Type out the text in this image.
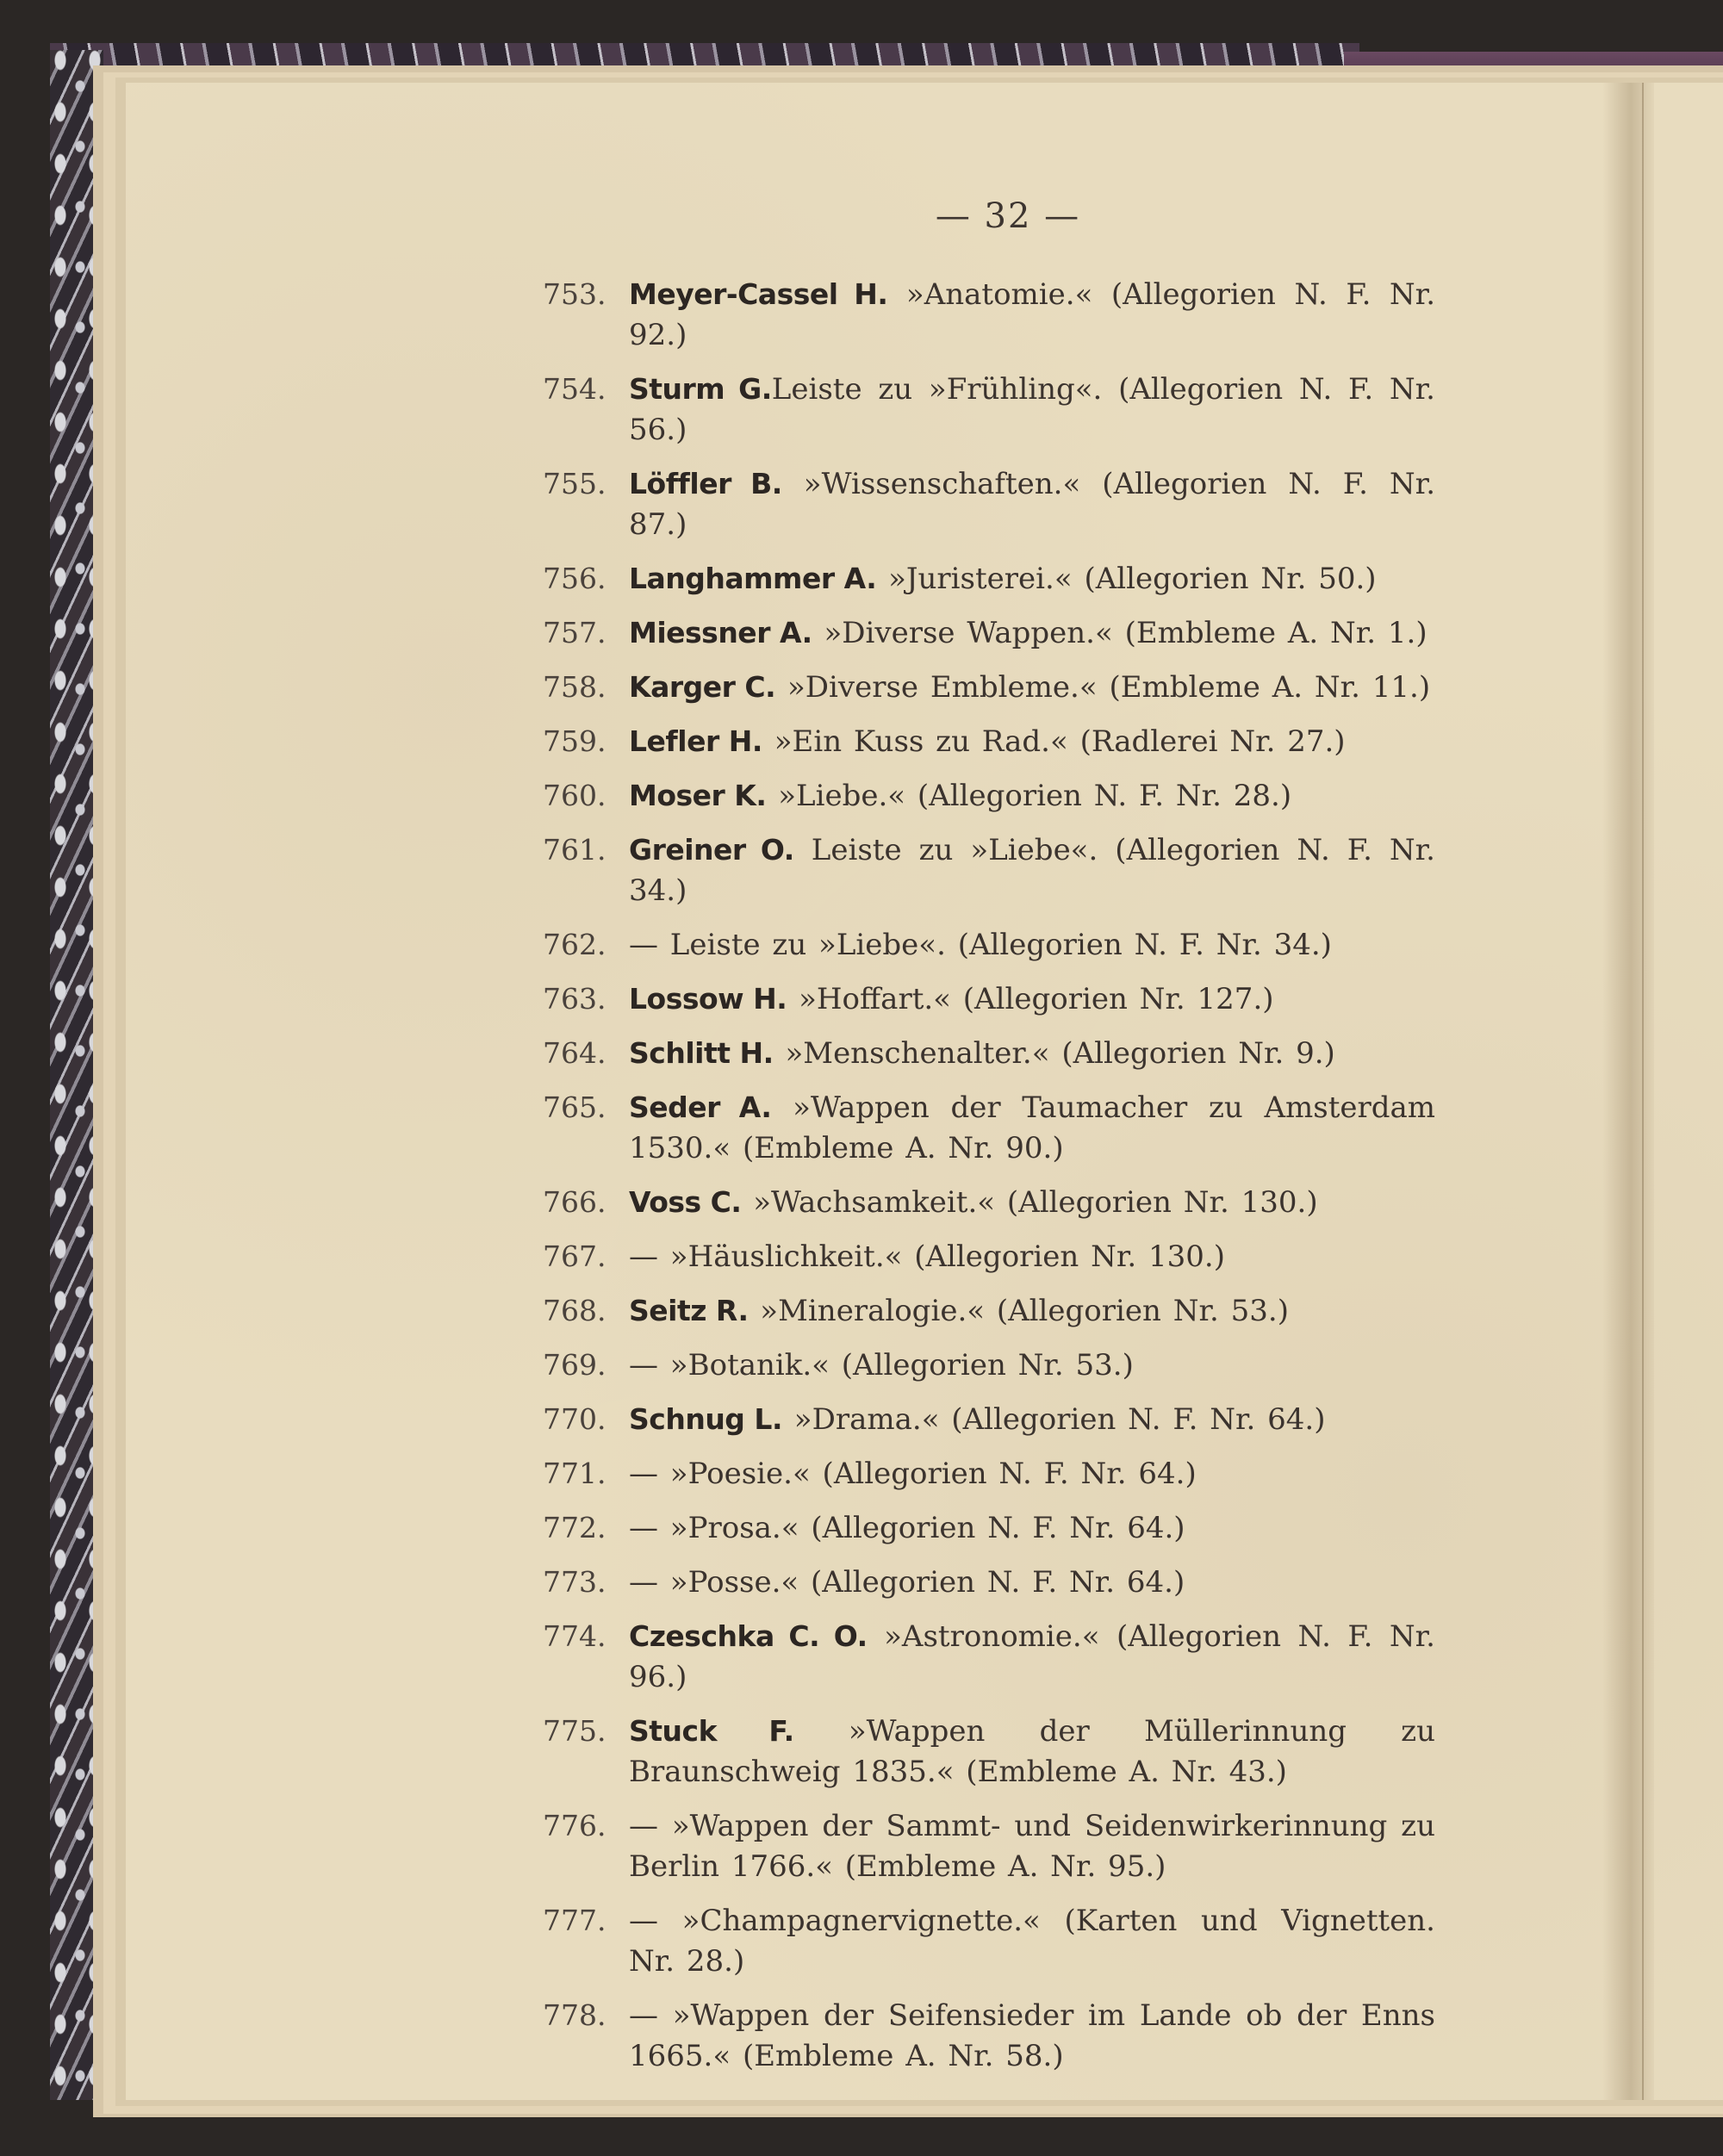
— 32 —
753. Meyer-Cassel H. »Anatomie.« (Allegorien N. F. Nr. 92.)
754. Sturm G.Leiste zu »Frühling«. (Allegorien N. F. Nr. 56.)
755. Löffler B. »Wissenschaften.« (Allegorien N. F. Nr. 87.)
756. Langhammer A. »Juristerei.« (Allegorien Nr. 50.)
757. Miessner A. »Diverse Wappen.« (Embleme A. Nr. 1.)
758. Karger C. »Diverse Embleme.« (Embleme A. Nr. 11.)
759. Lefler H. »Ein Kuss zu Rad.« (Radlerei Nr. 27.)
760. Moser K. »Liebe.« (Allegorien N. F. Nr. 28.)
761. Greiner O. Leiste zu »Liebe«. (Allegorien N. F. Nr. 34.)
762. — Leiste zu »Liebe«. (Allegorien N. F. Nr. 34.)
763. Lossow H. »Hoffart.« (Allegorien Nr. 127.)
764. Schlitt H. »Menschenalter.« (Allegorien Nr. 9.)
765. Seder A. »Wappen der Taumacher zu Amsterdam 1530.« (Embleme A. Nr. 90.)
766. Voss C. »Wachsamkeit.« (Allegorien Nr. 130.)
767. — »Häuslichkeit.« (Allegorien Nr. 130.)
768. Seitz R. »Mineralogie.« (Allegorien Nr. 53.)
769. — »Botanik.« (Allegorien Nr. 53.)
770. Schnug L. »Drama.« (Allegorien N. F. Nr. 64.)
771. — »Poesie.« (Allegorien N. F. Nr. 64.)
772. — »Prosa.« (Allegorien N. F. Nr. 64.)
773. — »Posse.« (Allegorien N. F. Nr. 64.)
774. Czeschka C. O. »Astronomie.« (Allegorien N. F. Nr. 96.)
775. Stuck F. »Wappen der Müllerinnung zu Braunschweig 1835.« (Embleme A. Nr. 43.)
776. — »Wappen der Sammt- und Seidenwirkerinnung zu Berlin 1766.« (Embleme A. Nr. 95.)
777. — »Champagnervignette.« (Karten und Vignetten. Nr. 28.)
778. — »Wappen der Seifensieder im Lande ob der Enns 1665.« (Embleme A. Nr. 58.)
